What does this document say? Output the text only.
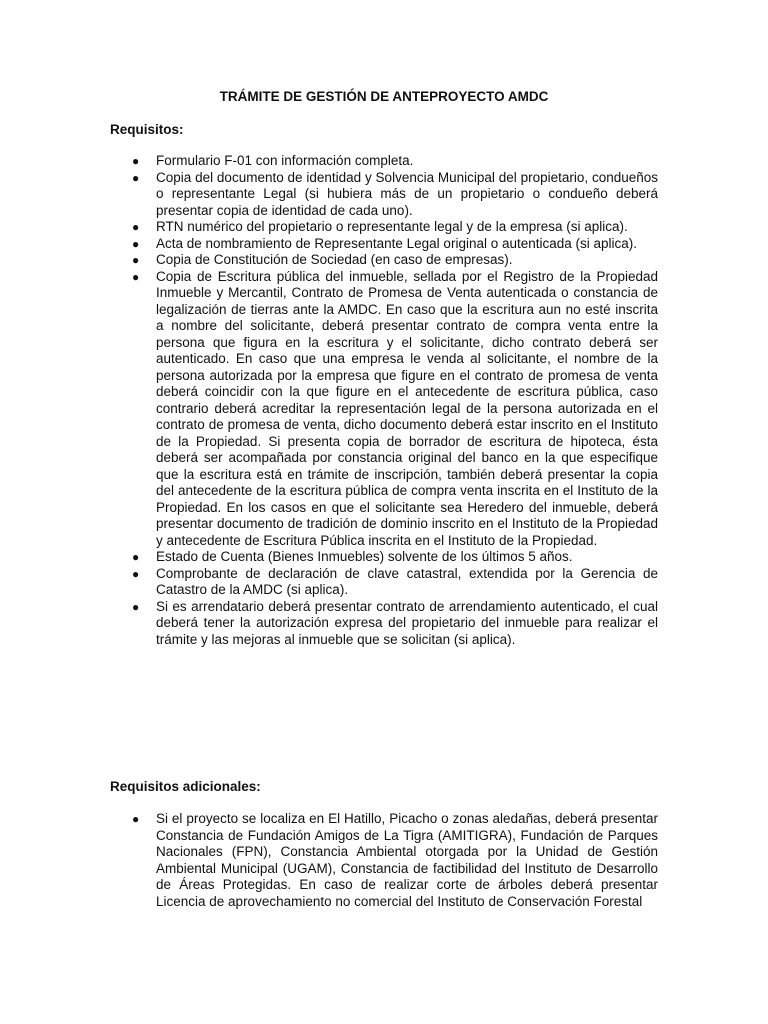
TRÁMITE DE GESTIÓN DE ANTEPROYECTO AMDC
Requisitos:
● Formulario F-01 con información completa.
● Copia del documento de identidad y Solvencia Municipal del propietario, condueños o representante Legal (si hubiera más de un propietario o condueño deberá presentar copia de identidad de cada uno).
● RTN numérico del propietario o representante legal y de la empresa (si aplica).
● Acta de nombramiento de Representante Legal original o autenticada (si aplica).
● Copia de Constitución de Sociedad (en caso de empresas).
● Copia de Escritura pública del inmueble, sellada por el Registro de la Propiedad Inmueble y Mercantil, Contrato de Promesa de Venta autenticada o constancia de legalización de tierras ante la AMDC. En caso que la escritura aun no esté inscrita a nombre del solicitante, deberá presentar contrato de compra venta entre la persona que figura en la escritura y el solicitante, dicho contrato deberá ser autenticado. En caso que una empresa le venda al solicitante, el nombre de la persona autorizada por la empresa que figure en el contrato de promesa de venta deberá coincidir con la que figure en el antecedente de escritura pública, caso contrario deberá acreditar la representación legal de la persona autorizada en el contrato de promesa de venta, dicho documento deberá estar inscrito en el Instituto de la Propiedad. Si presenta copia de borrador de escritura de hipoteca, ésta deberá ser acompañada por constancia original del banco en la que especifique que la escritura está en trámite de inscripción, también deberá presentar la copia del antecedente de la escritura pública de compra venta inscrita en el Instituto de la Propiedad. En los casos en que el solicitante sea Heredero del inmueble, deberá presentar documento de tradición de dominio inscrito en el Instituto de la Propiedad y antecedente de Escritura Pública inscrita en el Instituto de la Propiedad.
● Estado de Cuenta (Bienes Inmuebles) solvente de los últimos 5 años.
● Comprobante de declaración de clave catastral, extendida por la Gerencia de Catastro de la AMDC (si aplica).
● Si es arrendatario deberá presentar contrato de arrendamiento autenticado, el cual deberá tener la autorización expresa del propietario del inmueble para realizar el trámite y las mejoras al inmueble que se solicitan (si aplica).
Requisitos adicionales:
● Si el proyecto se localiza en El Hatillo, Picacho o zonas aledañas, deberá presentar Constancia de Fundación Amigos de La Tigra (AMITIGRA), Fundación de Parques Nacionales (FPN), Constancia Ambiental otorgada por la Unidad de Gestión Ambiental Municipal (UGAM), Constancia de factibilidad del Instituto de Desarrollo de Áreas Protegidas. En caso de realizar corte de árboles deberá presentar Licencia de aprovechamiento no comercial del Instituto de Conservación Forestal
